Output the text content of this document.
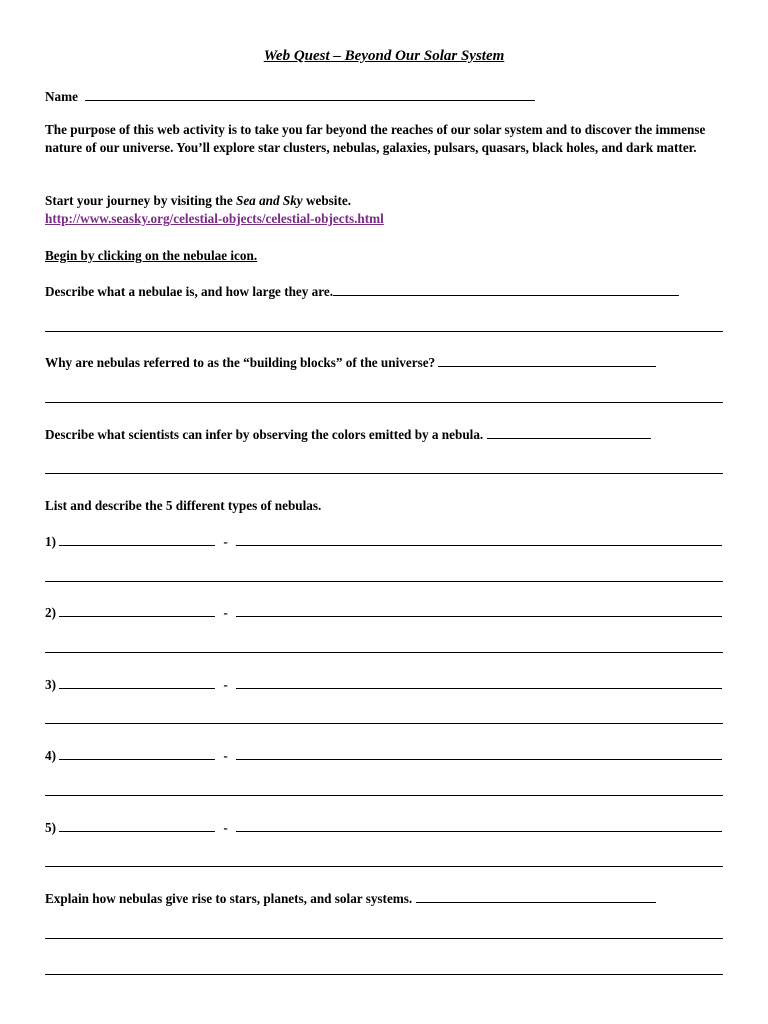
Web Quest – Beyond Our Solar System
Name
The purpose of this web activity is to take you far beyond the reaches of our solar system and to discover the immense nature of our universe. You’ll explore star clusters, nebulas, galaxies, pulsars, quasars, black holes, and dark matter.
Start your journey by visiting the Sea and Sky website.
http://www.seasky.org/celestial-objects/celestial-objects.html
Begin by clicking on the nebulae icon.
Describe what a nebulae is, and how large they are.
Why are nebulas referred to as the “building blocks” of the universe?
Describe what scientists can infer by observing the colors emitted by a nebula.
List and describe the 5 different types of nebulas.
1)	-
2)	-
3)	-
4)	-
5)	-
Explain how nebulas give rise to stars, planets, and solar systems.
